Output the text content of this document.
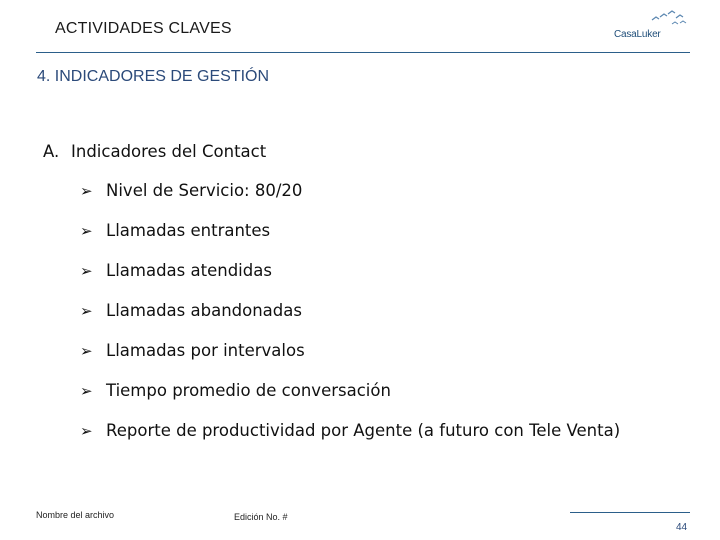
ACTIVIDADES CLAVES	CasaLuker
4. INDICADORES DE GESTIÓN
A. Indicadores del Contact
➢ Nivel de Servicio: 80/20
➢ Llamadas entrantes
➢ Llamadas atendidas
➢ Llamadas abandonadas
➢ Llamadas por intervalos
➢ Tiempo promedio de conversación
➢ Reporte de productividad por Agente (a futuro con Tele Venta)
Nombre del archivo	Edición No. #
44
